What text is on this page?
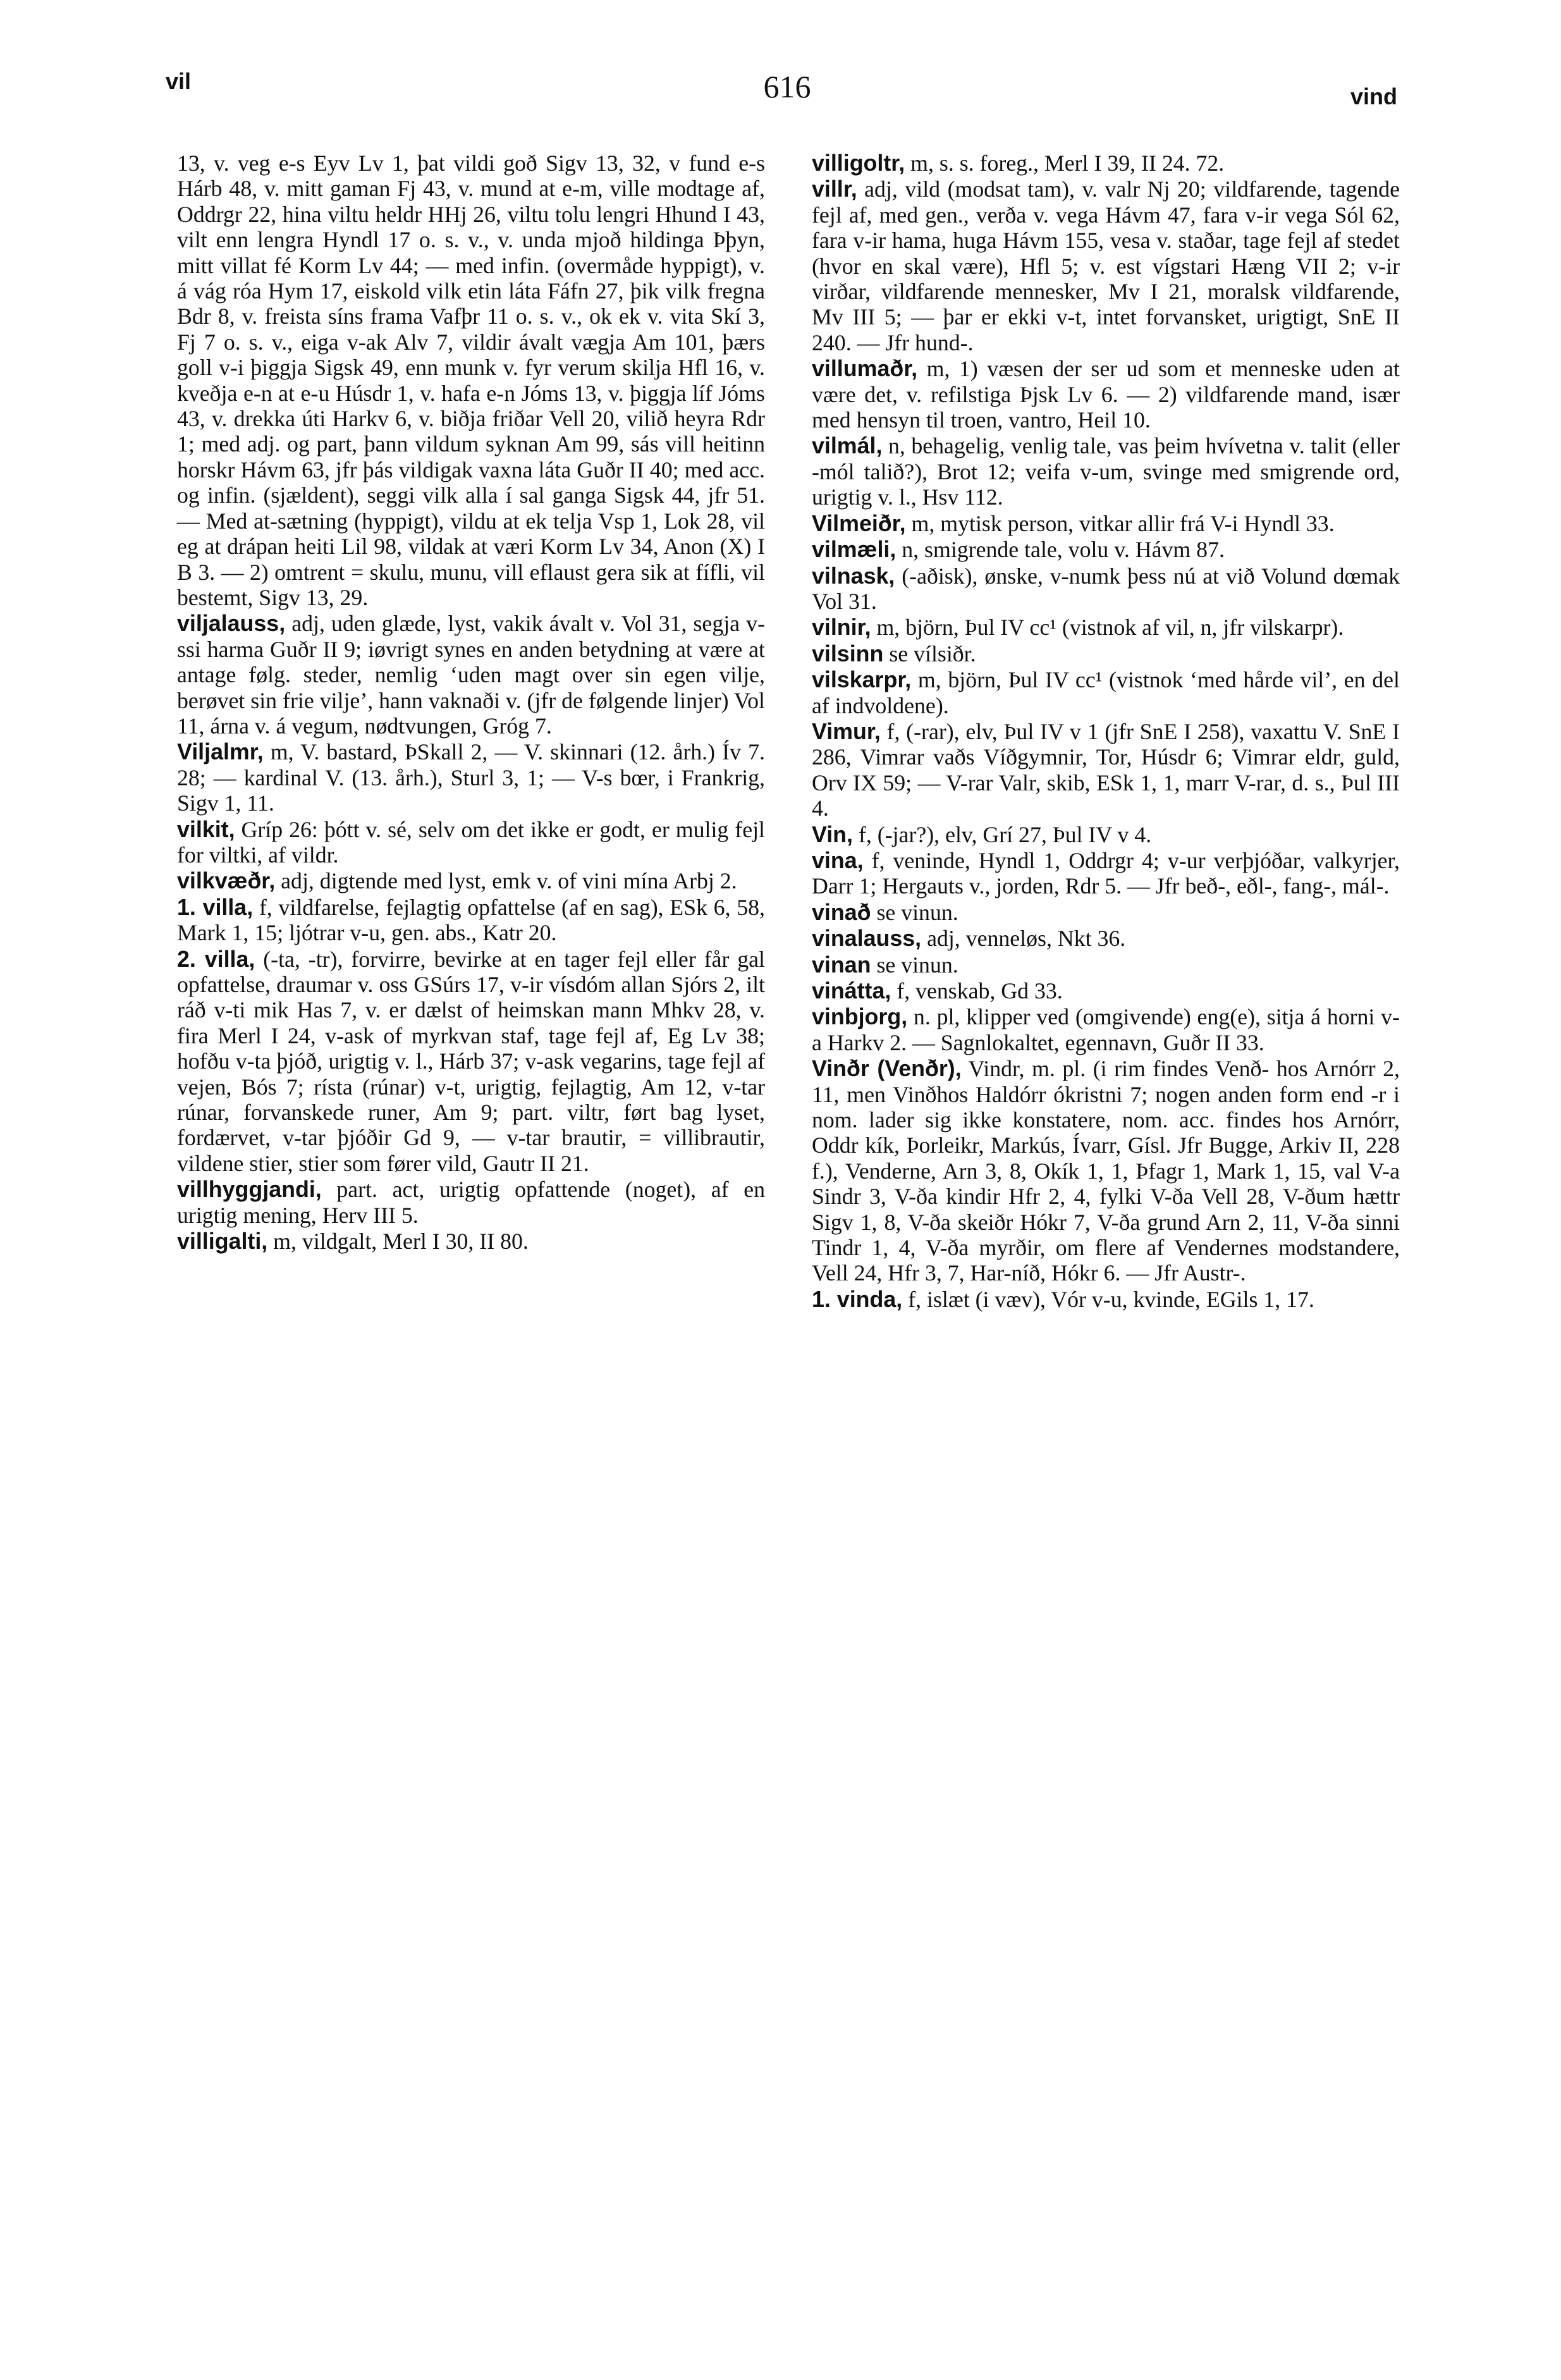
vil	616	vind

13, v. veg e-s Eyv Lv 1, þat vildi goð Sigv 13, 32, v fund e-s Hárb 48, v. mitt gaman Fj 43, v. mund at e-m, ville modtage af, Oddrgr 22, hina viltu heldr HHj 26, viltu tolu lengri Hhund I 43, vilt enn lengra Hyndl 17 o. s. v., v. unda mjoð hildinga Þþyn, mitt villat fé Korm Lv 44; — med infin. (overmåde hyppigt), v. á vág róa Hym 17, eiskold vilk etin láta Fáfn 27, þik vilk fregna Bdr 8, v. freista síns frama Vafþr 11 o. s. v., ok ek v. vita Skí 3, Fj 7 o. s. v., eiga v-ak Alv 7, vildir ávalt vægja Am 101, þærs goll v-i þiggja Sigsk 49, enn munk v. fyr verum skilja Hfl 16, v. kveðja e-n at e-u Húsdr 1, v. hafa e-n Jóms 13, v. þiggja líf Jóms 43, v. drekka úti Harkv 6, v. biðja friðar Vell 20, vilið heyra Rdr 1; med adj. og part, þann vildum syknan Am 99, sás vill heitinn horskr Hávm 63, jfr þás vildigak vaxna láta Guðr II 40; med acc. og infin. (sjældent), seggi vilk alla í sal ganga Sigsk 44, jfr 51. — Med at-sætning (hyppigt), vildu at ek telja Vsp 1, Lok 28, vil eg at drápan heiti Lil 98, vildak at væri Korm Lv 34, Anon (X) I B 3. — 2) omtrent = skulu, munu, vill eflaust gera sik at fífli, vil bestemt, Sigv 13, 29.

viljalauss, adj, uden glæde, lyst, vakik ávalt v. Vol 31, segja v-ssi harma Guðr II 9; iøvrigt synes en anden betydning at være at antage følg. steder, nemlig ‘uden magt over sin egen vilje, berøvet sin frie vilje’, hann vaknaði v. (jfr de følgende linjer) Vol 11, árna v. á vegum, nødtvungen, Gróg 7.

Viljalmr, m, V. bastard, ÞSkall 2, — V. skinnari (12. årh.) Ív 7. 28; — kardinal V. (13. årh.), Sturl 3, 1; — V-s bœr, i Frankrig, Sigv 1, 11.

vilkit, Gríp 26: þótt v. sé, selv om det ikke er godt, er mulig fejl for viltki, af vildr.

vilkvæðr, adj, digtende med lyst, emk v. of vini mína Arbj 2.

1. villa, f, vildfarelse, fejlagtig opfattelse (af en sag), ESk 6, 58, Mark 1, 15; ljótrar v-u, gen. abs., Katr 20.

2. villa, (-ta, -tr), forvirre, bevirke at en tager fejl eller får gal opfattelse, draumar v. oss GSúrs 17, v-ir vísdóm allan Sjórs 2, ilt ráð v-ti mik Has 7, v. er dælst of heimskan mann Mhkv 28, v. fira Merl I 24, v-ask of myrkvan staf, tage fejl af, Eg Lv 38; hofðu v-ta þjóð, urigtig v. l., Hárb 37; v-ask vegarins, tage fejl af vejen, Bós 7; rísta (rúnar) v-t, urigtig, fejlagtig, Am 12, v-tar rúnar, forvanskede runer, Am 9; part. viltr, ført bag lyset, fordærvet, v-tar þjóðir Gd 9, — v-tar brautir, = villibrautir, vildene stier, stier som fører vild, Gautr II 21.

villhyggjandi, part. act, urigtig opfattende (noget), af en urigtig mening, Herv III 5.

villigalti, m, vildgalt, Merl I 30, II 80.

villigoltr, m, s. s. foreg., Merl I 39, II 24. 72.

villr, adj, vild (modsat tam), v. valr Nj 20; vildfarende, tagende fejl af, med gen., verða v. vega Hávm 47, fara v-ir vega Sól 62, fara v-ir hama, huga Hávm 155, vesa v. staðar, tage fejl af stedet (hvor en skal være), Hfl 5; v. est vígstari Hæng VII 2; v-ir virðar, vildfarende mennesker, Mv I 21, moralsk vildfarende, Mv III 5; — þar er ekki v-t, intet forvansket, urigtigt, SnE II 240. — Jfr hund-.

villumaðr, m, 1) væsen der ser ud som et menneske uden at være det, v. refilstiga Þjsk Lv 6. — 2) vildfarende mand, især med hensyn til troen, vantro, Heil 10.

vilmál, n, behagelig, venlig tale, vas þeim hvívetna v. talit (eller -mól talið?), Brot 12; veifa v-um, svinge med smigrende ord, urigtig v. l., Hsv 112.

Vilmeiðr, m, mytisk person, vitkar allir frá V-i Hyndl 33.

vilmæli, n, smigrende tale, volu v. Hávm 87.

vilnask, (-aðisk), ønske, v-numk þess nú at við Volund dœmak Vol 31.

vilnir, m, björn, Þul IV cc¹ (vistnok af vil, n, jfr vilskarpr).

vilsinn se vílsiðr.

vilskarpr, m, björn, Þul IV cc¹ (vistnok ‘med hårde vil’, en del af indvoldene).

Vimur, f, (-rar), elv, Þul IV v 1 (jfr SnE I 258), vaxattu V. SnE I 286, Vimrar vaðs Víðgymnir, Tor, Húsdr 6; Vimrar eldr, guld, Orv IX 59; — V-rar Valr, skib, ESk 1, 1, marr V-rar, d. s., Þul III 4.

Vin, f, (-jar?), elv, Grí 27, Þul IV v 4.

vina, f, veninde, Hyndl 1, Oddrgr 4; v-ur verþjóðar, valkyrjer, Darr 1; Hergauts v., jorden, Rdr 5. — Jfr beð-, eðl-, fang-, mál-.

vinað se vinun.

vinalauss, adj, venneløs, Nkt 36.

vinan se vinun.

vinátta, f, venskab, Gd 33.

vinbjorg, n. pl, klipper ved (omgivende) eng(e), sitja á horni v-a Harkv 2. — Sagnlokaltet, egennavn, Guðr II 33.

Vinðr (Venðr), Vindr, m. pl. (i rim findes Venð- hos Arnórr 2, 11, men Vinðhos Haldórr ókristni 7; nogen anden form end -r i nom. lader sig ikke konstatere, nom. acc. findes hos Arnórr, Oddr kík, Þorleikr, Markús, Ívarr, Gísl. Jfr Bugge, Arkiv II, 228 f.), Venderne, Arn 3, 8, Okík 1, 1, Þfagr 1, Mark 1, 15, val V-a Sindr 3, V-ða kindir Hfr 2, 4, fylki V-ða Vell 28, V-ðum hættr Sigv 1, 8, V-ða skeiðr Hókr 7, V-ða grund Arn 2, 11, V-ða sinni Tindr 1, 4, V-ða myrðir, om flere af Vendernes modstandere, Vell 24, Hfr 3, 7, Har-níð, Hókr 6. — Jfr Austr-.

1. vinda, f, islæt (i væv), Vór v-u, kvinde, EGils 1, 17.
